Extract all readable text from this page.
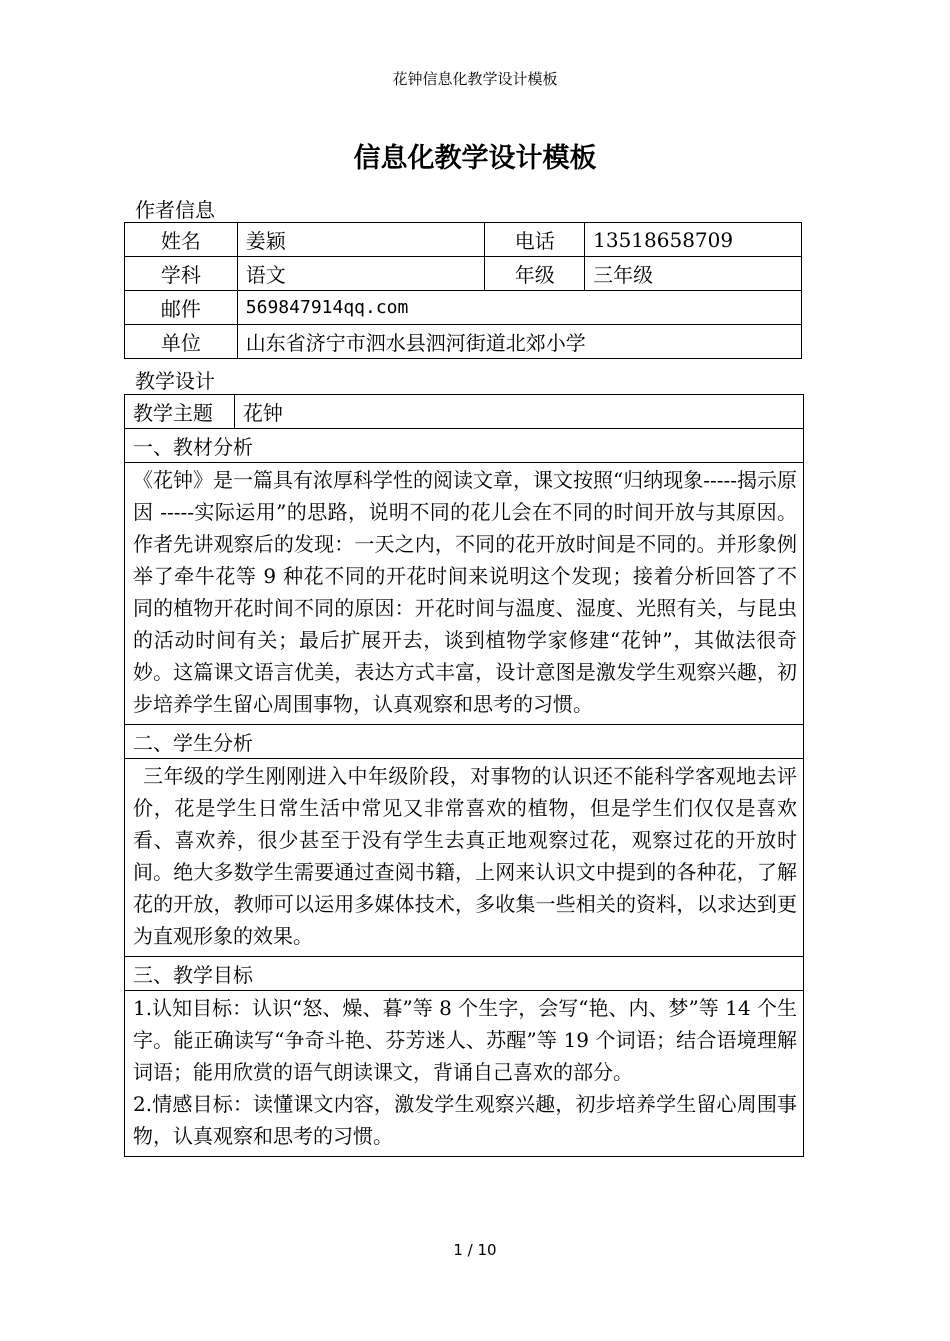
花钟信息化教学设计模板
信息化教学设计模板
作者信息
姓名	姜颖	电话	13518658709
学科	语文	年级	三年级
邮件	569847914qq.com		
单位	山东省济宁市泗水县泗河街道北郊小学		
教学设计
教学主题	花钟
一、教材分析
《花钟》是一篇具有浓厚科学性的阅读文章，课文按照“归纳现象-----揭示原因 -----实际运用”的思路，说明不同的花儿会在不同的时间开放与其原因。作者先讲观察后的发现：一天之内，不同的花开放时间是不同的。并形象例举了牵牛花等 9 种花不同的开花时间来说明这个发现；接着分析回答了不同的植物开花时间不同的原因：开花时间与温度、湿度、光照有关，与昆虫的活动时间有关；最后扩展开去，谈到植物学家修建“花钟”，其做法很奇妙。这篇课文语言优美，表达方式丰富，设计意图是激发学生观察兴趣，初步培养学生留心周围事物，认真观察和思考的习惯。
二、学生分析
三年级的学生刚刚进入中年级阶段，对事物的认识还不能科学客观地去评价，花是学生日常生活中常见又非常喜欢的植物，但是学生们仅仅是喜欢看、喜欢养，很少甚至于没有学生去真正地观察过花，观察过花的开放时间。绝大多数学生需要通过查阅书籍，上网来认识文中提到的各种花，了解花的开放，教师可以运用多媒体技术，多收集一些相关的资料，以求达到更为直观形象的效果。
三、教学目标

1.认知目标：认识“怒、燥、暮”等 8 个生字，会写“艳、内、梦”等 14 个生字。能正确读写“争奇斗艳、芬芳迷人、苏醒”等 19 个词语；结合语境理解词语；能用欣赏的语气朗读课文，背诵自己喜欢的部分。

2.情感目标：读懂课文内容，激发学生观察兴趣，初步培养学生留心周围事物，认真观察和思考的习惯。

1 / 10
